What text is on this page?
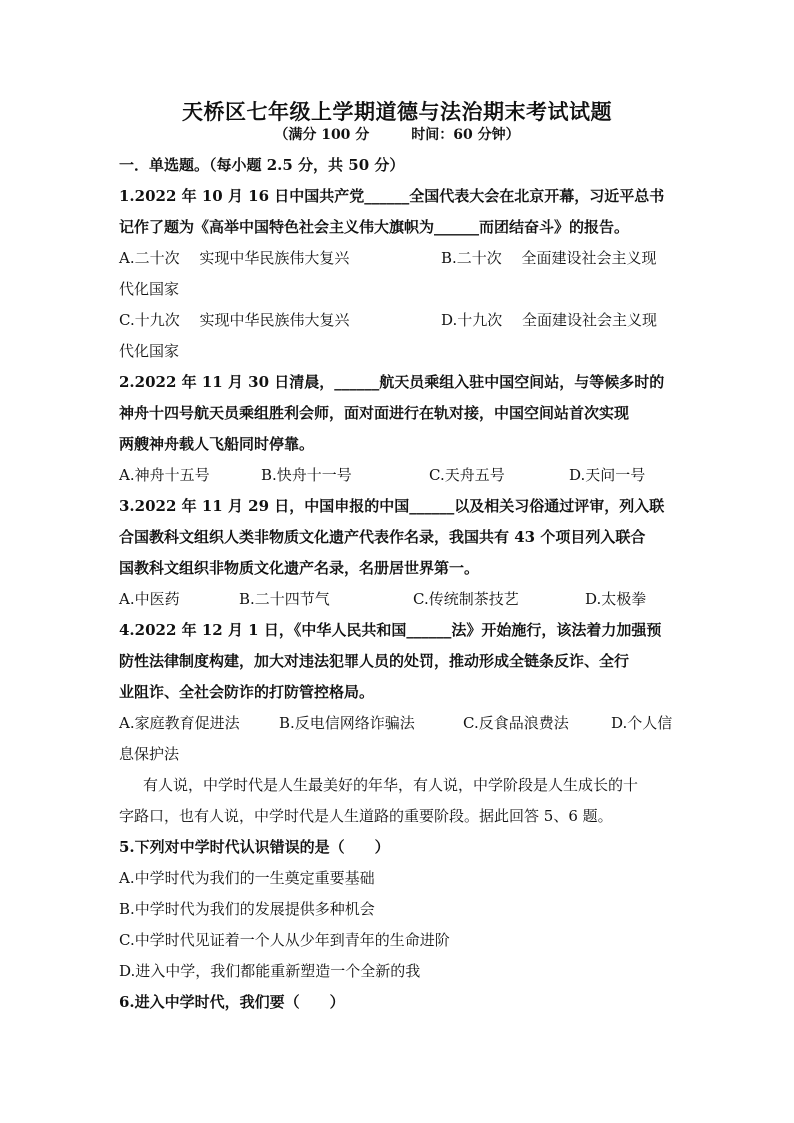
天桥区七年级上学期道德与法治期末考试试题
（满分 100 分　　　时间：60 分钟）
一．单选题。（每小题 2.5 分，共 50 分）
1.2022 年 10 月 16 日中国共产党______全国代表大会在北京开幕，习近平总书
记作了题为《高举中国特色社会主义伟大旗帜为______而团结奋斗》的报告。
A.二十次　 实现中华民族伟大复兴	B.二十次　 全面建设社会主义现
代化国家
C.十九次　 实现中华民族伟大复兴	D.十九次　 全面建设社会主义现
代化国家
2.2022 年 11 月 30 日清晨，______航天员乘组入驻中国空间站，与等候多时的
神舟十四号航天员乘组胜利会师，面对面进行在轨对接，中国空间站首次实现
两艘神舟载人飞船同时停靠。
A.神舟十五号	B.快舟十一号	C.天舟五号	D.天问一号
3.2022 年 11 月 29 日，中国申报的中国______以及相关习俗通过评审，列入联
合国教科文组织人类非物质文化遗产代表作名录，我国共有 43 个项目列入联合
国教科文组织非物质文化遗产名录，名册居世界第一。
A.中医药	B.二十四节气	C.传统制茶技艺	D.太极拳
4.2022 年 12 月 1 日，《中华人民共和国______法》开始施行，该法着力加强预
防性法律制度构建，加大对违法犯罪人员的处罚，推动形成全链条反诈、全行
业阻诈、全社会防诈的打防管控格局。
A.家庭教育促进法	B.反电信网络诈骗法	C.反食品浪费法	D.个人信
息保护法
有人说，中学时代是人生最美好的年华，有人说，中学阶段是人生成长的十
字路口，也有人说，中学时代是人生道路的重要阶段。据此回答 5、6 题。
5.下列对中学时代认识错误的是（　　）
A.中学时代为我们的一生奠定重要基础
B.中学时代为我们的发展提供多种机会
C.中学时代见证着一个人从少年到青年的生命进阶
D.进入中学，我们都能重新塑造一个全新的我
6.进入中学时代，我们要（　　）
